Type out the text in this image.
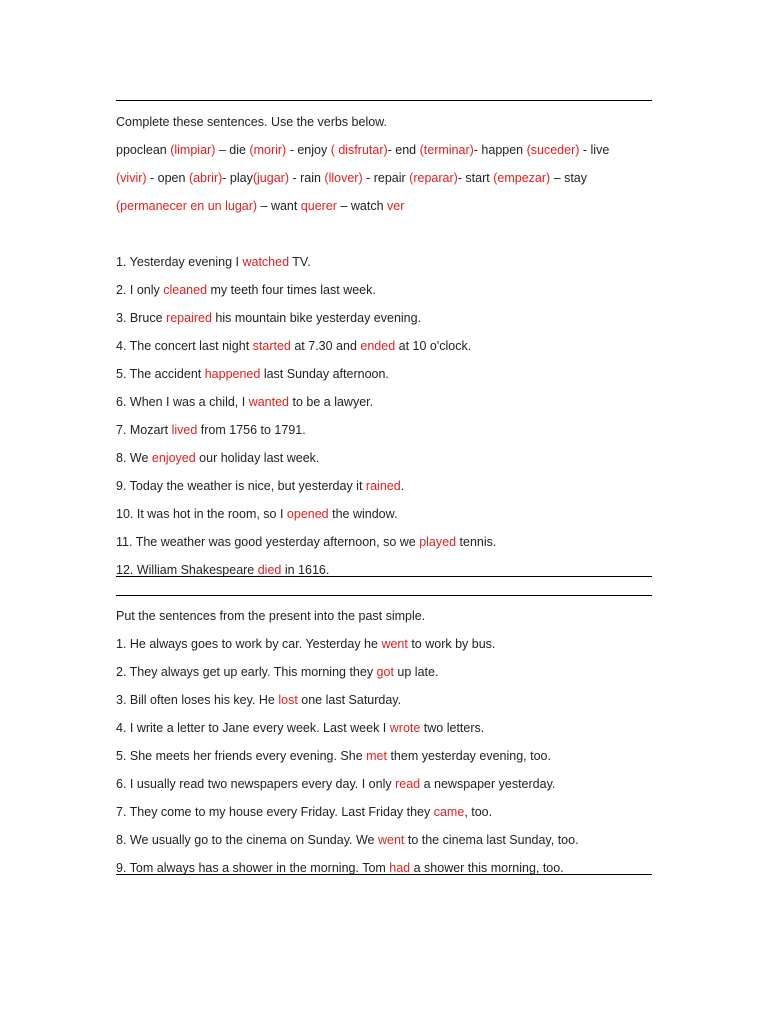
Complete these sentences. Use the verbs below.
ppoclean (limpiar) – die (morir) - enjoy ( disfrutar)- end (terminar)- happen (suceder) - live
(vivir) - open (abrir)- play(jugar) - rain (llover) - repair (reparar)- start (empezar) – stay
(permanecer en un lugar) – want querer – watch ver
1. Yesterday evening I watched TV.
2. I only cleaned my teeth four times last week.
3. Bruce repaired his mountain bike yesterday evening.
4. The concert last night started at 7.30 and ended at 10 o'clock.
5. The accident happened last Sunday afternoon.
6. When I was a child, I wanted to be a lawyer.
7. Mozart lived from 1756 to 1791.
8. We enjoyed our holiday last week.
9. Today the weather is nice, but yesterday it rained.
10. It was hot in the room, so I opened the window.
11. The weather was good yesterday afternoon, so we played tennis.
12. William Shakespeare died in 1616.
Put the sentences from the present into the past simple.
1. He always goes to work by car. Yesterday he went to work by bus.
2. They always get up early. This morning they got up late.
3. Bill often loses his key. He lost one last Saturday.
4. I write a letter to Jane every week. Last week I wrote two letters.
5. She meets her friends every evening. She met them yesterday evening, too.
6. I usually read two newspapers every day. I only read a newspaper yesterday.
7. They come to my house every Friday. Last Friday they came, too.
8. We usually go to the cinema on Sunday. We went to the cinema last Sunday, too.
9. Tom always has a shower in the morning. Tom had a shower this morning, too.
